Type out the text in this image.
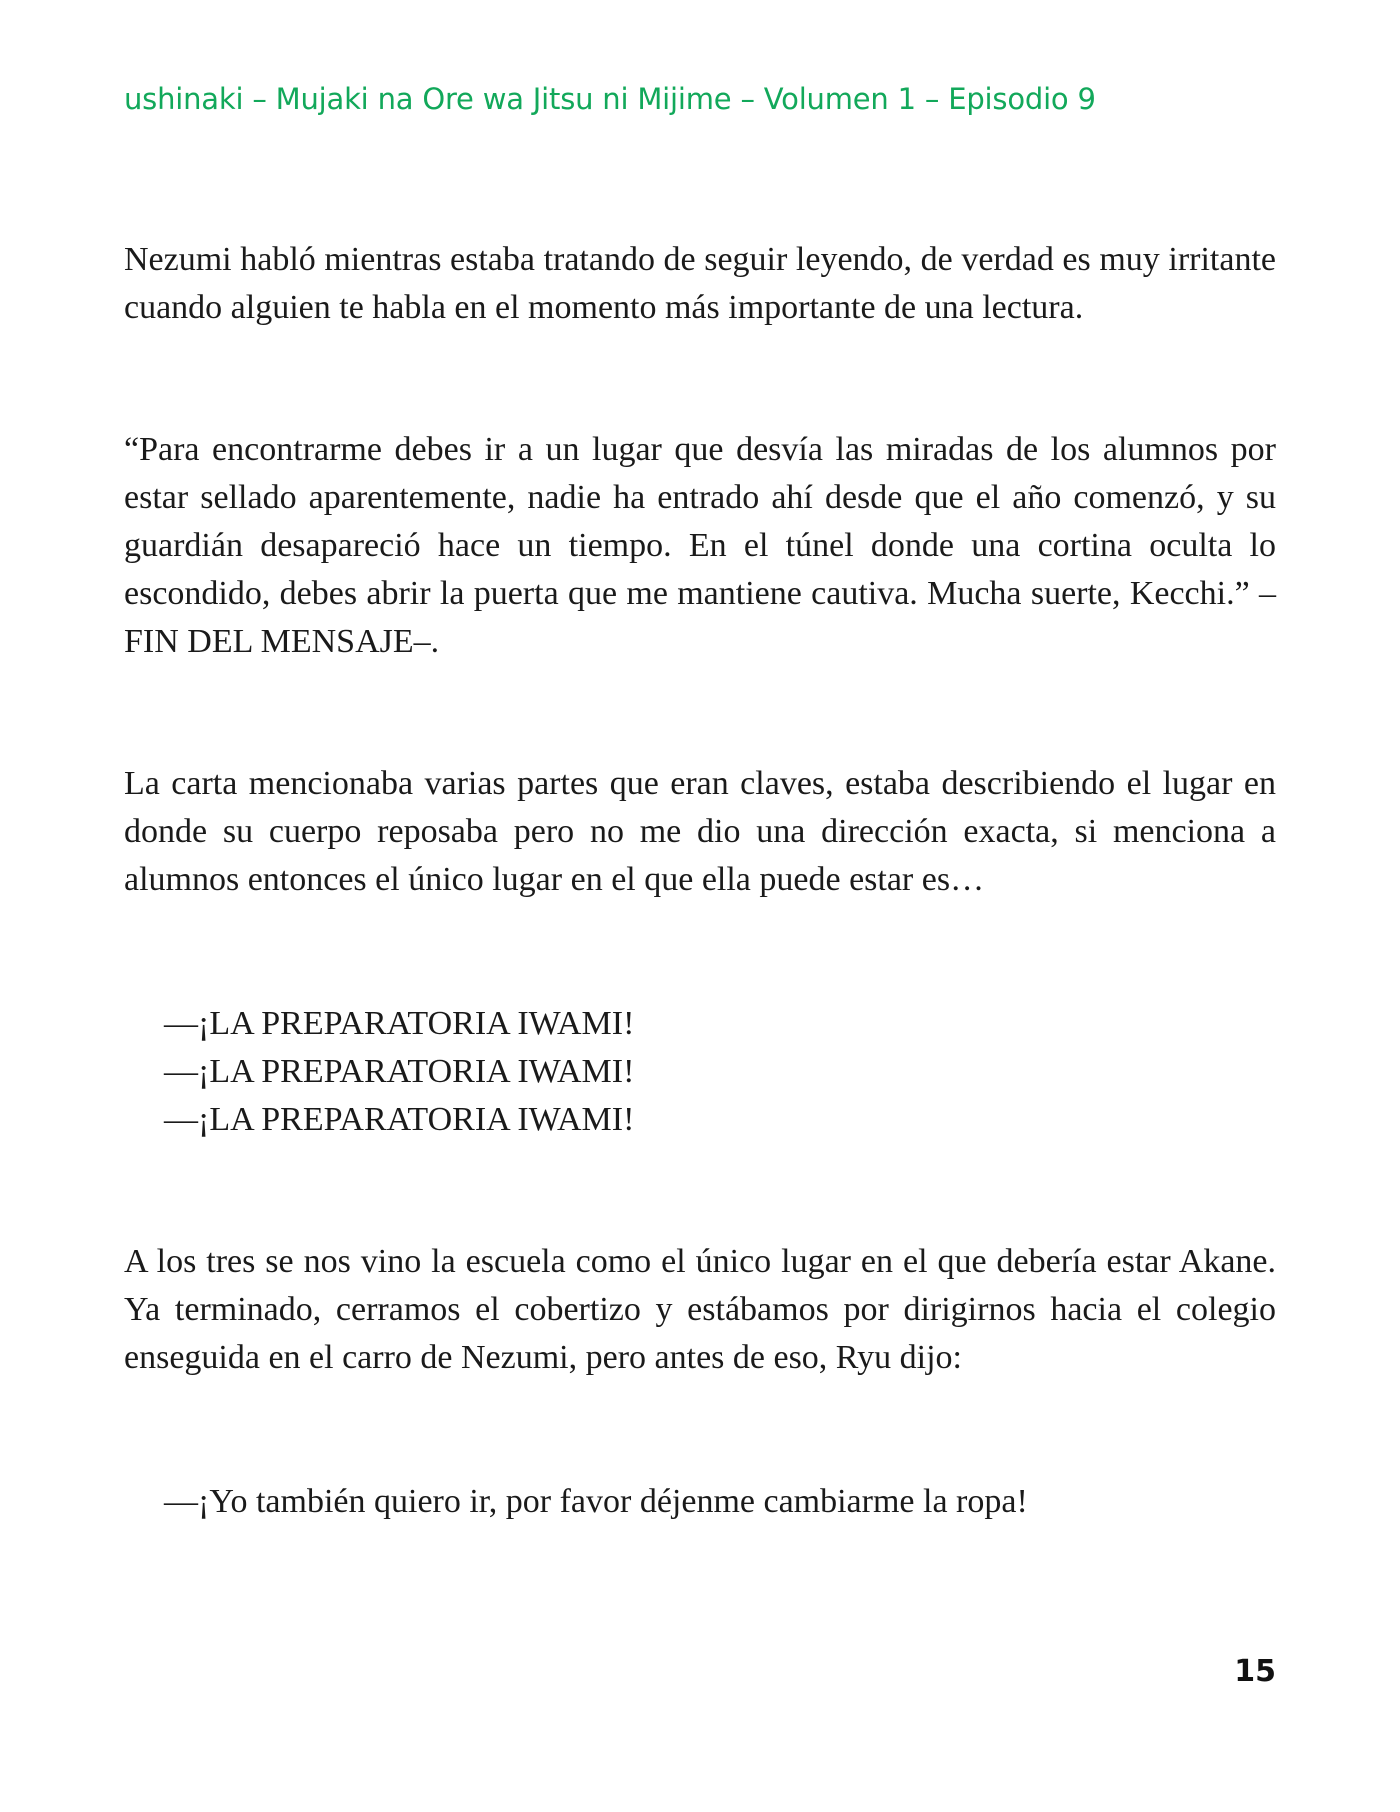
ushinaki – Mujaki na Ore wa Jitsu ni Mijime – Volumen 1 – Episodio 9

Nezumi habló mientras estaba tratando de seguir leyendo, de verdad es muy irritante cuando alguien te habla en el momento más importante de una lectura.

“Para encontrarme debes ir a un lugar que desvía las miradas de los alumnos por estar sellado aparentemente, nadie ha entrado ahí desde que el año comenzó, y su guardián desapareció hace un tiempo. En el túnel donde una cortina oculta lo escondido, debes abrir la puerta que me mantiene cautiva. Mucha suerte, Kecchi.” –FIN DEL MENSAJE–.

La carta mencionaba varias partes que eran claves, estaba describiendo el lugar en donde su cuerpo reposaba pero no me dio una dirección exacta, si menciona a alumnos entonces el único lugar en el que ella puede estar es…

—¡LA PREPARATORIA IWAMI!
—¡LA PREPARATORIA IWAMI!
—¡LA PREPARATORIA IWAMI!

A los tres se nos vino la escuela como el único lugar en el que debería estar Akane. Ya terminado, cerramos el cobertizo y estábamos por dirigirnos hacia el colegio enseguida en el carro de Nezumi, pero antes de eso, Ryu dijo:

—¡Yo también quiero ir, por favor déjenme cambiarme la ropa!
15
